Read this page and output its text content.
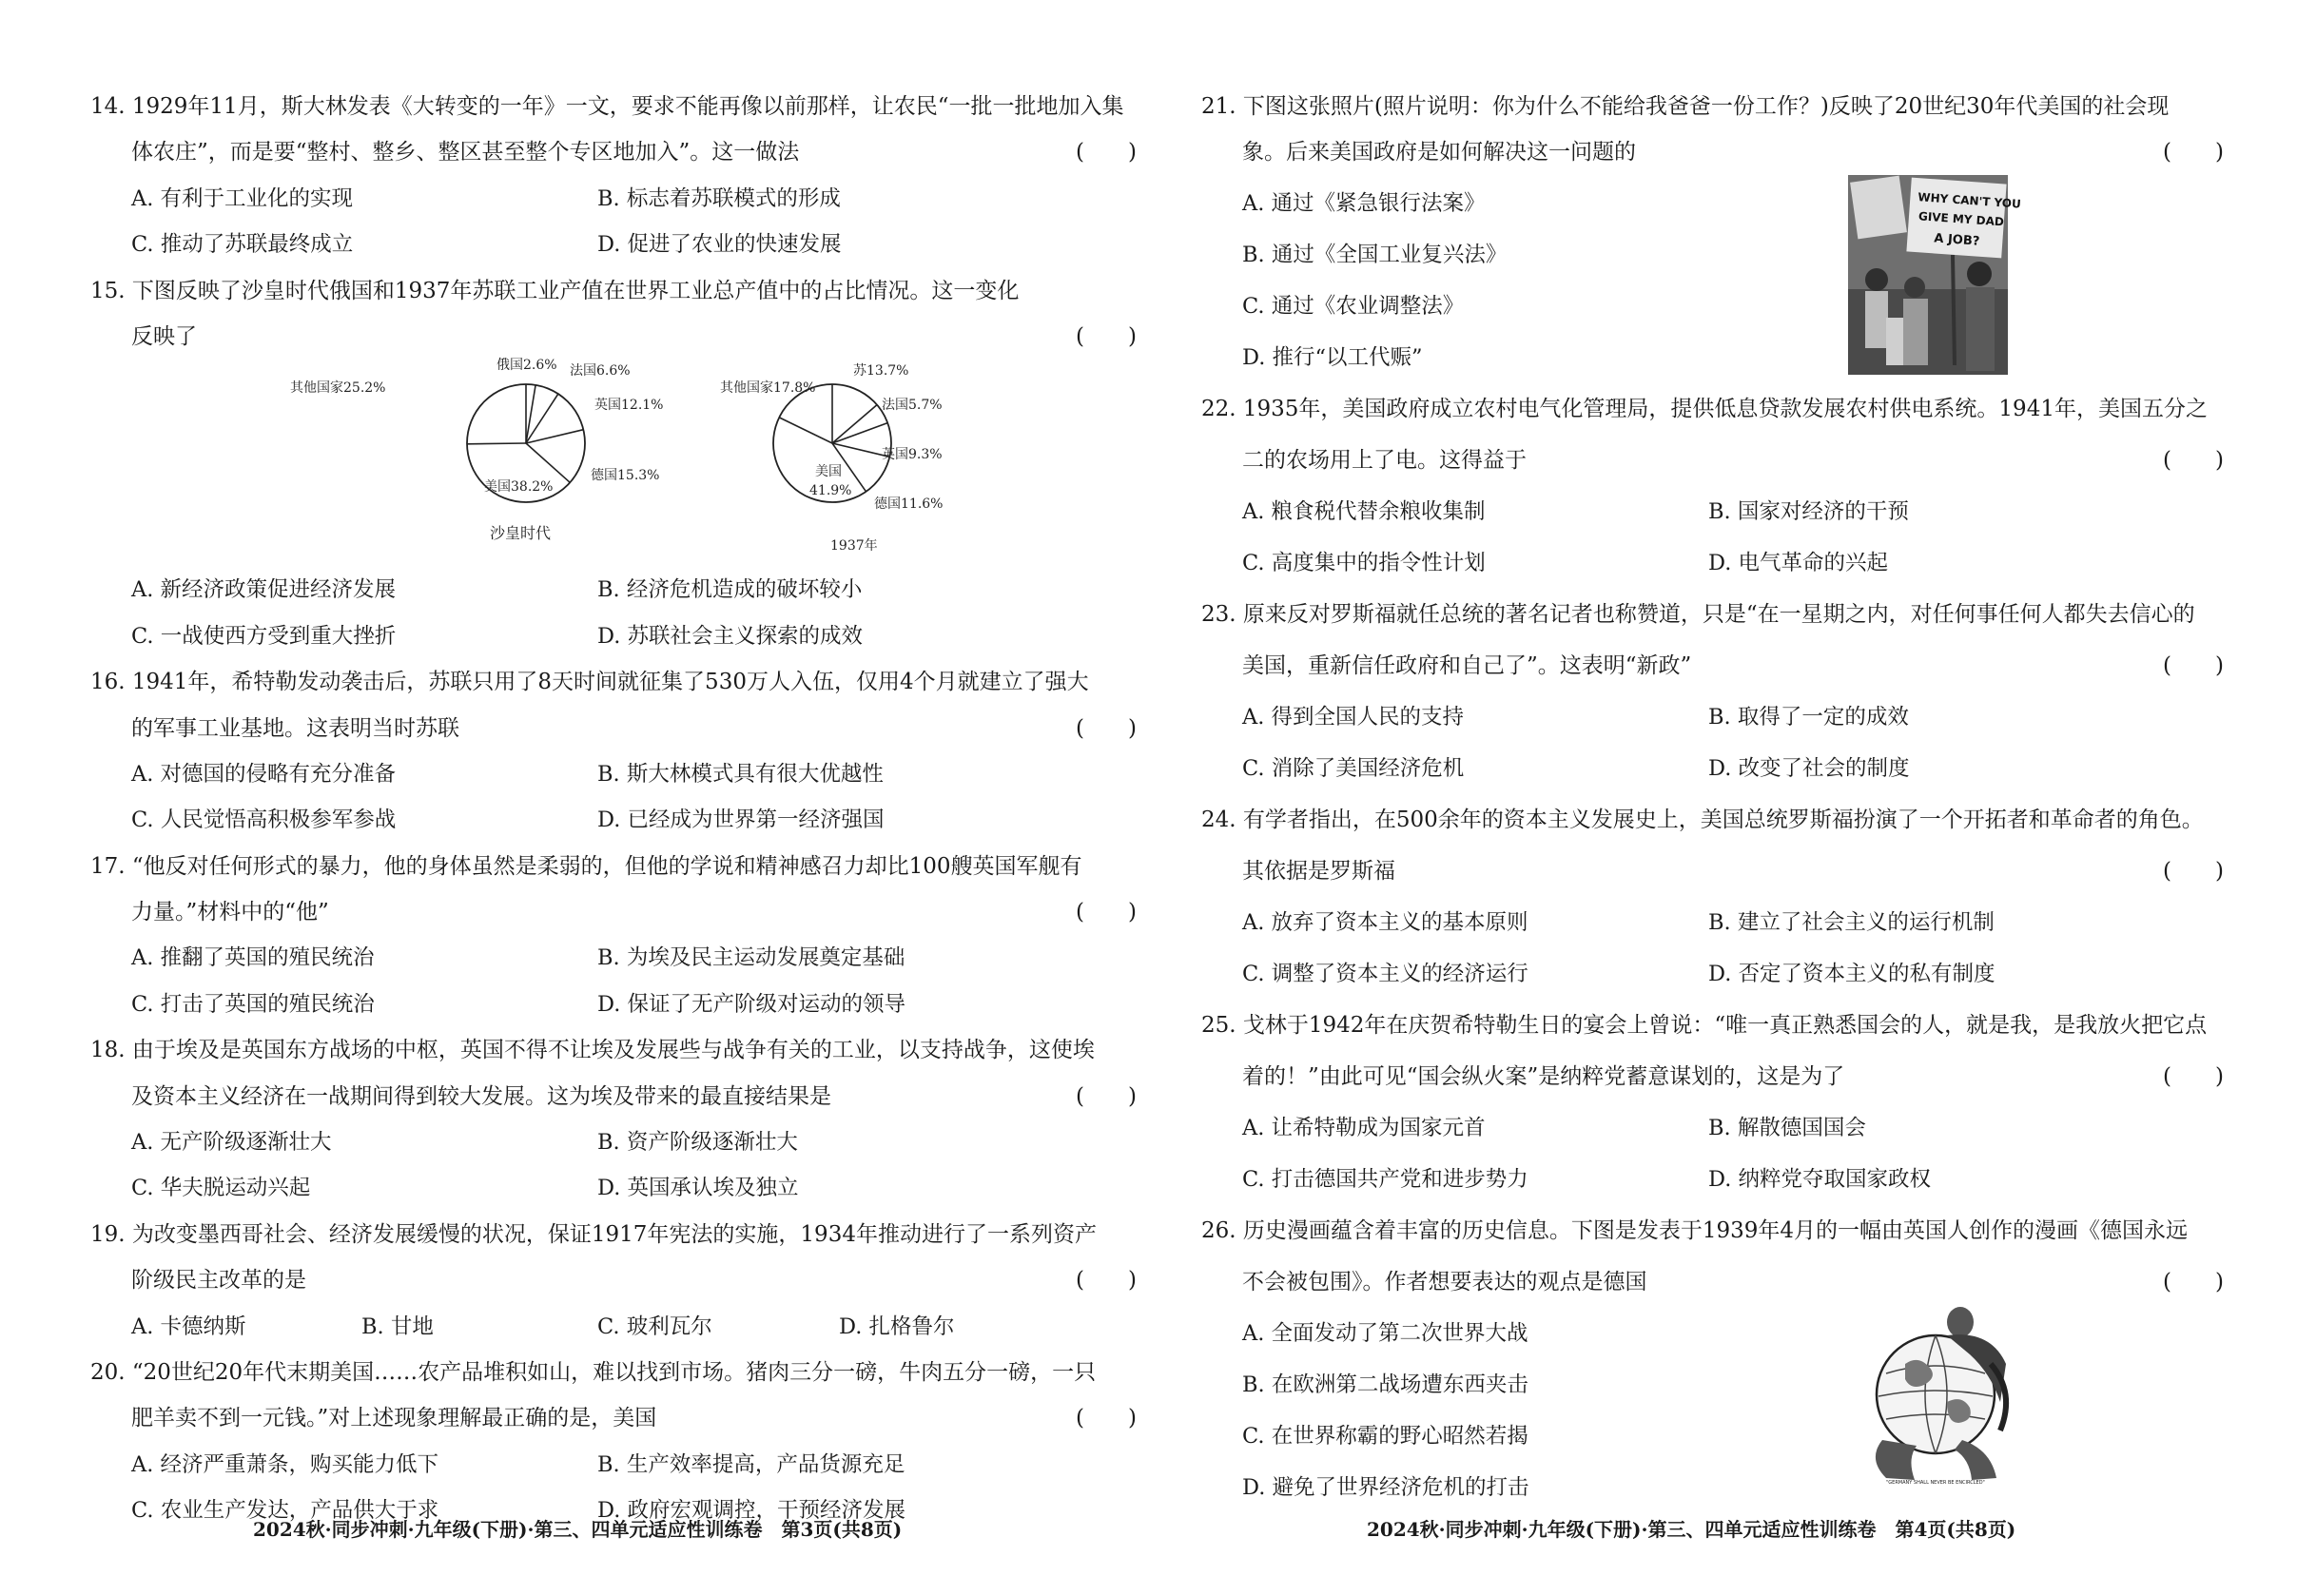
14. 1929年11月，斯大林发表《大转变的一年》一文，要求不能再像以前那样，让农民“一批一批地加入集
体农庄”，而是要“整村、整乡、整区甚至整个专区地加入”。这一做法	(　　)
A. 有利于工业化的实现	B. 标志着苏联模式的形成
C. 推动了苏联最终成立	D. 促进了农业的快速发展
15. 下图反映了沙皇时代俄国和1937年苏联工业产值在世界工业总产值中的占比情况。这一变化
反映了	(　　)
俄国2.6% 法国6.6%
英国12.1%
德国15.3%
美国38.2%
其他国家25.2%
沙皇时代
苏13.7%
法国5.7%
英国9.3%
德国11.6%
美国
41.9%
其他国家17.8%
1937年
A. 新经济政策促进经济发展	B. 经济危机造成的破坏较小
C. 一战使西方受到重大挫折	D. 苏联社会主义探索的成效
16. 1941年，希特勒发动袭击后，苏联只用了8天时间就征集了530万人入伍，仅用4个月就建立了强大
的军事工业基地。这表明当时苏联	(　　)
A. 对德国的侵略有充分准备	B. 斯大林模式具有很大优越性
C. 人民觉悟高积极参军参战	D. 已经成为世界第一经济强国
17. “他反对任何形式的暴力，他的身体虽然是柔弱的，但他的学说和精神感召力却比100艘英国军舰有
力量。”材料中的“他”	(　　)
A. 推翻了英国的殖民统治	B. 为埃及民主运动发展奠定基础
C. 打击了英国的殖民统治	D. 保证了无产阶级对运动的领导
18. 由于埃及是英国东方战场的中枢，英国不得不让埃及发展些与战争有关的工业，以支持战争，这使埃
及资本主义经济在一战期间得到较大发展。这为埃及带来的最直接结果是	(　　)
A. 无产阶级逐渐壮大	B. 资产阶级逐渐壮大
C. 华夫脱运动兴起	D. 英国承认埃及独立
19. 为改变墨西哥社会、经济发展缓慢的状况，保证1917年宪法的实施，1934年推动进行了一系列资产
阶级民主改革的是	(　　)
A. 卡德纳斯	B. 甘地	C. 玻利瓦尔	D. 扎格鲁尔
20. “20世纪20年代末期美国……农产品堆积如山，难以找到市场。猪肉三分一磅，牛肉五分一磅，一只
肥羊卖不到一元钱。”对上述现象理解最正确的是，美国	(　　)
A. 经济严重萧条，购买能力低下	B. 生产效率提高，产品货源充足
C. 农业生产发达，产品供大于求	D. 政府宏观调控，干预经济发展
2024秋·同步冲刺·九年级(下册)·第三、四单元适应性训练卷　第3页(共8页)
21. 下图这张照片(照片说明：你为什么不能给我爸爸一份工作？)反映了20世纪30年代美国的社会现
象。后来美国政府是如何解决这一问题的	(　　)
A. 通过《紧急银行法案》
B. 通过《全国工业复兴法》
C. 通过《农业调整法》
D. 推行“以工代赈”
WHY CAN'T YOU
GIVE MY DAD
A JOB?
22. 1935年，美国政府成立农村电气化管理局，提供低息贷款发展农村供电系统。1941年，美国五分之
二的农场用上了电。这得益于	(　　)
A. 粮食税代替余粮收集制	B. 国家对经济的干预
C. 高度集中的指令性计划	D. 电气革命的兴起
23. 原来反对罗斯福就任总统的著名记者也称赞道，只是“在一星期之内，对任何事任何人都失去信心的
美国，重新信任政府和自己了”。这表明“新政”	(　　)
A. 得到全国人民的支持	B. 取得了一定的成效
C. 消除了美国经济危机	D. 改变了社会的制度
24. 有学者指出，在500余年的资本主义发展史上，美国总统罗斯福扮演了一个开拓者和革命者的角色。
其依据是罗斯福	(　　)
A. 放弃了资本主义的基本原则	B. 建立了社会主义的运行机制
C. 调整了资本主义的经济运行	D. 否定了资本主义的私有制度
25. 戈林于1942年在庆贺希特勒生日的宴会上曾说：“唯一真正熟悉国会的人，就是我，是我放火把它点
着的！”由此可见“国会纵火案”是纳粹党蓄意谋划的，这是为了	(　　)
A. 让希特勒成为国家元首	B. 解散德国国会
C. 打击德国共产党和进步势力	D. 纳粹党夺取国家政权
26. 历史漫画蕴含着丰富的历史信息。下图是发表于1939年4月的一幅由英国人创作的漫画《德国永远
不会被包围》。作者想要表达的观点是德国	(　　)
A. 全面发动了第二次世界大战
B. 在欧洲第二战场遭东西夹击
C. 在世界称霸的野心昭然若揭
D. 避免了世界经济危机的打击	"GERMANY SHALL NEVER BE ENCIRCLED"
2024秋·同步冲刺·九年级(下册)·第三、四单元适应性训练卷　第4页(共8页)
